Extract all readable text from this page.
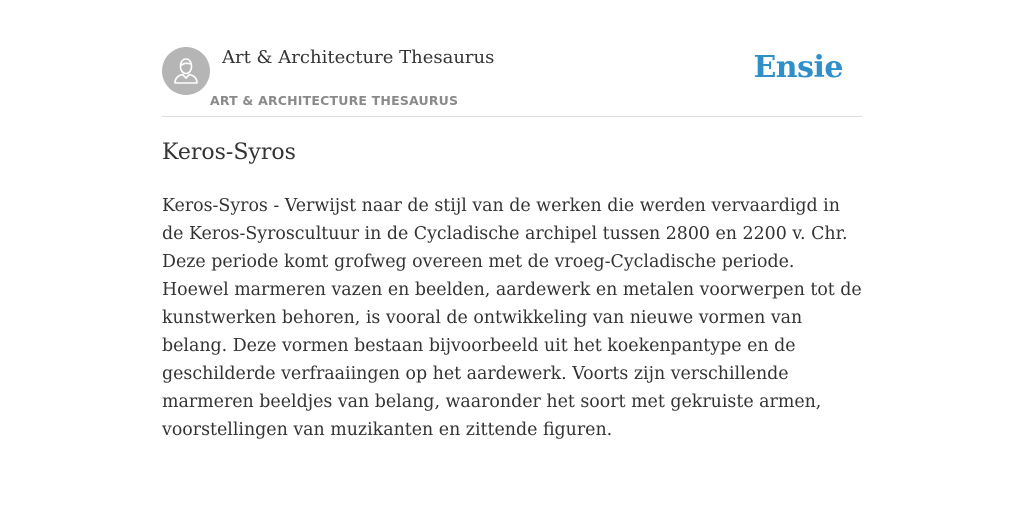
Art & Architecture Thesaurus
ART & ARCHITECTURE THESAURUS
Ensie
Keros-Syros

Keros-Syros - Verwijst naar de stijl van de werken die werden vervaardigd in de Keros-Syroscultuur in de Cycladische archipel tussen 2800 en 2200 v. Chr. Deze periode komt grofweg overeen met de vroeg-Cycladische periode. Hoewel marmeren vazen en beelden, aardewerk en metalen voorwerpen tot de kunstwerken behoren, is vooral de ontwikkeling van nieuwe vormen van belang. Deze vormen bestaan bijvoorbeeld uit het koekenpantype en de geschilderde verfraaiingen op het aardewerk. Voorts zijn verschillende marmeren beeldjes van belang, waaronder het soort met gekruiste armen, voorstellingen van muzikanten en zittende figuren.
